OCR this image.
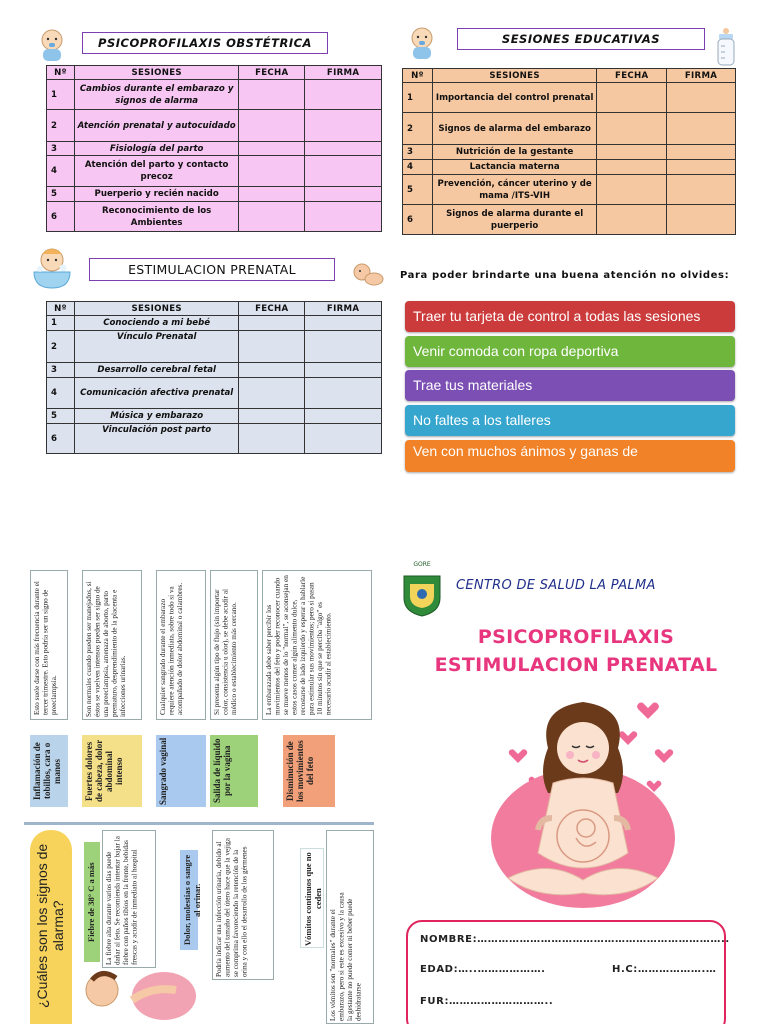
PSICOPROFILAXIS OBSTÉTRICA
Nº	SESIONES	FECHA	FIRMA
1	Cambios durante el embarazo y signos de alarma		
2	Atención prenatal y autocuidado		
3	Fisiología del parto		
4	Atención del parto y contacto precoz		
5	Puerperio y recién nacido		
6	Reconocimiento de los Ambientes		
SESIONES EDUCATIVAS
Nº	SESIONES	FECHA	FIRMA
1	Importancia del control prenatal		
2	Signos de alarma del embarazo		
3	Nutrición de la gestante		
4	Lactancia materna		
5	Prevención, cáncer uterino y de mama /ITS-VIH		
6	Signos de alarma durante el puerperio		
ESTIMULACION PRENATAL
Nº	SESIONES	FECHA	FIRMA
1	Conociendo a mi bebé		
2	Vínculo Prenatal		
3	Desarrollo cerebral fetal		
4	Comunicación afectiva prenatal		
5	Música y embarazo		
6	Vinculación post parto		
Para poder brindarte una buena atención no olvides:
Traer tu tarjeta de control a todas las sesiones
Venir comoda con ropa deportiva
Trae tus materiales
No faltes a los talleres
Ven con muchos ánimos y ganas de
Esto suele darse con más frecuencia durante el tercer trimestre. Esto podría ser un signo de preeclampsia.	Son normales cuando pueden ser manejados, si éstos se vuelven intensos pueden ser signo de una preeclampsia, amenaza de aborto, parto prematuro, desprendimiento de la placenta e infecciones urinarias.	Cualquier sangrado durante el embarazo requiere atención inmediata, sobre todo si va acompañado de dolor abdominal o calambres.	Si presenta algún tipo de flujo (sin importar color, consistencia u olor), se debe acudir al médico o establecimiento más cercano.	La embarazada debe saber percibir los movimientos del feto y poder reconocer cuando se mueve menos de lo "normal", se aconsejan en estos casos comer algún alimento dulce, recostarse de lado izquierdo y esperar a hablarle para estimular sus movimientos; pero si pasan 10 minutos sin que se perciba "algo" es necesario acudir al establecimiento.
Inflamación de tobillos, cara o manos	Fuertes dolores de cabeza, dolor abdominal intenso	Sangrado vaginal	Salida de líquido por la vagina	Disminución de los movimientos del feto
¿Cuáles son los signos de alarma? Fiebre de 38° C a más La fiebre alta durante varios días puede dañar al feto. Se recomienda intentar bajar la fiebre con paños tibios en la frente, bebidas frescas y acudir de inmediato al hospital	Dolor, molestias o sangre al orinar. Podría indicar una infección urinaria, debido al aumento del tamaño del útero hace que la vejiga se comprima favoreciendo la retención de la orina y con ello el desarrollo de los gérmenes	Vómitos continuos que no ceden
Los vómitos son "normales" durante el embarazo, pero si este es excesivo y la causa la gestante no puede comer ni beber puede deshidratarse
GORE
CENTRO DE SALUD LA PALMA
PSICOPROFILAXIS
ESTIMULACION PRENATAL
NOMBRE:……………………………………………………………..
EDAD:…..……………….	H.C:……………….…
FUR:………………………..
